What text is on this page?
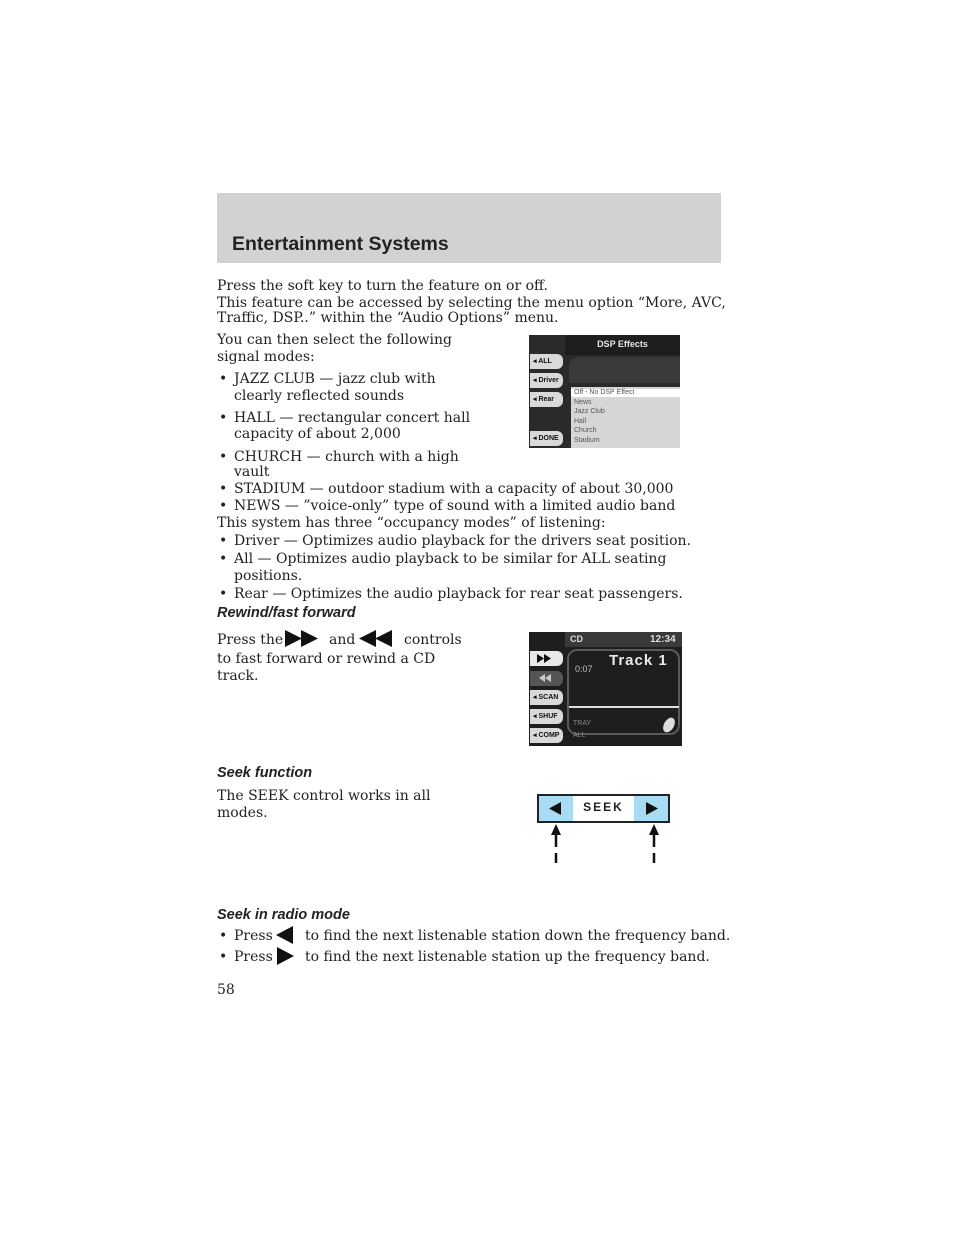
Entertainment Systems
Press the soft key to turn the feature on or off.
This feature can be accessed by selecting the menu option “More, AVC,
Traffic, DSP..” within the “Audio Options” menu.
You can then select the following
signal modes:
• JAZZ CLUB — jazz club with
clearly reflected sounds
• HALL — rectangular concert hall
capacity of about 2,000
• CHURCH — church with a high
vault
• STADIUM — outdoor stadium with a capacity of about 30,000
• NEWS — ”voice-only” type of sound with a limited audio band
This system has three “occupancy modes” of listening:
• Driver — Optimizes audio playback for the drivers seat position.
• All — Optimizes audio playback to be similar for ALL seating
positions.
• Rear — Optimizes the audio playback for rear seat passengers.
DSP Effects
Off - No DSP Effect
News
Jazz Club
Hall
Church
Stadium
◂ ALL
◂ Driver
◂ Rear
◂ DONE
Rewind/fast forward
Press the	and	controls
to fast forward or rewind a CD
track.
CD	12:34
0:07 Track 1
TRAY
ALL
◂ SCAN
◂ SHUF
◂ COMP
Seek function
The SEEK control works in all
modes.	SEEK
Seek in radio mode
• Press to find the next listenable station down the frequency band.
• Press to find the next listenable station up the frequency band.
58
